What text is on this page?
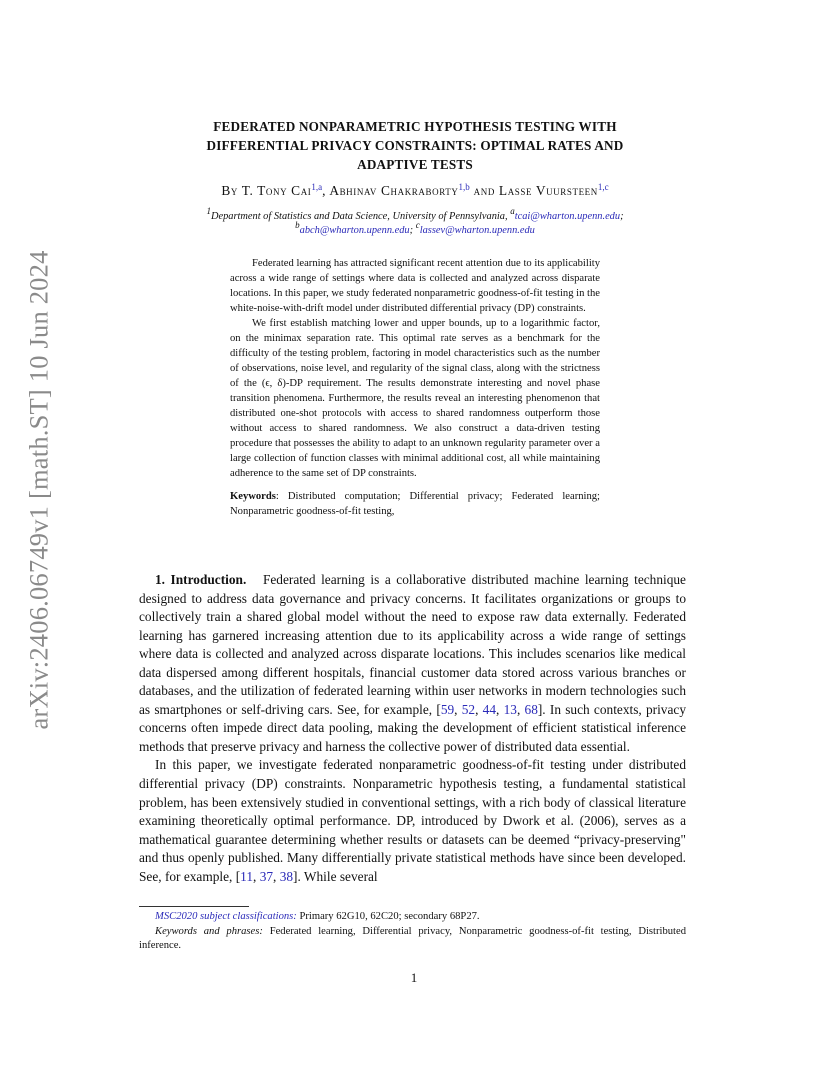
arXiv:2406.06749v1 [math.ST] 10 Jun 2024
FEDERATED NONPARAMETRIC HYPOTHESIS TESTING WITH
DIFFERENTIAL PRIVACY CONSTRAINTS: OPTIMAL RATES AND
ADAPTIVE TESTS
By T. Tony Cai$^{1,a}$, Abhinav Chakraborty$^{1,b}$ and Lasse Vuursteen$^{1,c}$
$^1$Department of Statistics and Data Science, University of Pennsylvania, $^a$tcai@wharton.upenn.edu;
$^b$abch@wharton.upenn.edu; $^c$lassev@wharton.upenn.edu

Federated learning has attracted significant recent attention due to its applicability across a wide range of settings where data is collected and analyzed across disparate locations. In this paper, we study federated nonparametric goodness-of-fit testing in the white-noise-with-drift model under distributed differential privacy (DP) constraints.

We first establish matching lower and upper bounds, up to a logarithmic factor, on the minimax separation rate. This optimal rate serves as a benchmark for the difficulty of the testing problem, factoring in model characteristics such as the number of observations, noise level, and regularity of the signal class, along with the strictness of the (ϵ, δ)-DP requirement. The results demonstrate interesting and novel phase transition phenomena. Furthermore, the results reveal an interesting phenomenon that distributed one-shot protocols with access to shared randomness outperform those without access to shared randomness. We also construct a data-driven testing procedure that possesses the ability to adapt to an unknown regularity parameter over a large collection of function classes with minimal additional cost, all while maintaining adherence to the same set of DP constraints.

Keywords: Distributed computation; Differential privacy; Federated learning; Nonparametric goodness-of-fit testing,

1. Introduction. Federated learning is a collaborative distributed machine learning technique designed to address data governance and privacy concerns. It facilitates organizations or groups to collectively train a shared global model without the need to expose raw data externally. Federated learning has garnered increasing attention due to its applicability across a wide range of settings where data is collected and analyzed across disparate locations. This includes scenarios like medical data dispersed among different hospitals, financial customer data stored across various branches or databases, and the utilization of federated learning within user networks in modern technologies such as smartphones or self-driving cars. See, for example, [59, 52, 44, 13, 68]. In such contexts, privacy concerns often impede direct data pooling, making the development of efficient statistical inference methods that preserve privacy and harness the collective power of distributed data essential.

In this paper, we investigate federated nonparametric goodness-of-fit testing under distributed differential privacy (DP) constraints. Nonparametric hypothesis testing, a fundamental statistical problem, has been extensively studied in conventional settings, with a rich body of classical literature examining theoretically optimal performance. DP, introduced by Dwork et al. (2006), serves as a mathematical guarantee determining whether results or datasets can be deemed “privacy-preserving" and thus openly published. Many differentially private statistical methods have since been developed. See, for example, [11, 37, 38]. While several

MSC2020 subject classifications: Primary 62G10, 62C20; secondary 68P27.

Keywords and phrases: Federated learning, Differential privacy, Nonparametric goodness-of-fit testing, Distributed inference.

1
